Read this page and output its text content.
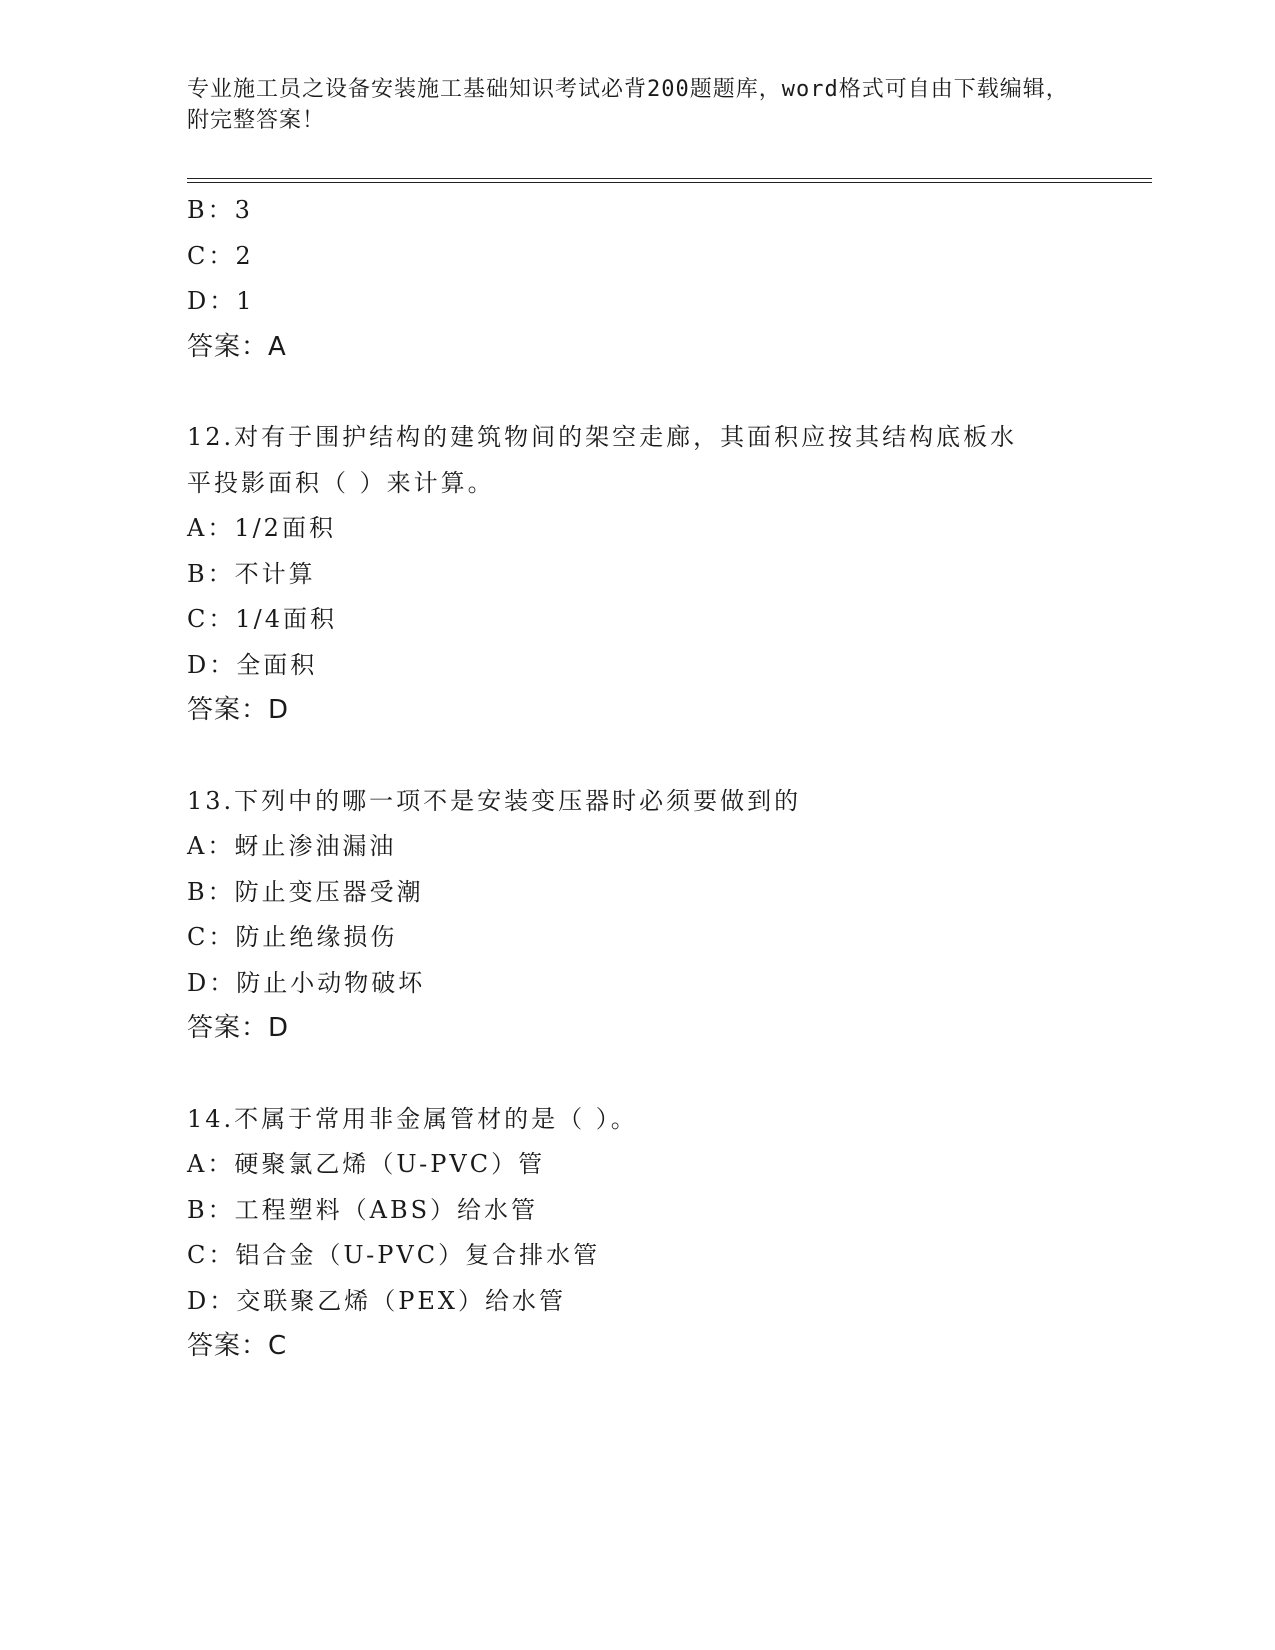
专业施工员之设备安装施工基础知识考试必背200题题库，word格式可自由下载编辑，附完整答案！
B：3
C：2
D：1
答案：A
12.对有于围护结构的建筑物间的架空走廊，其面积应按其结构底板水
平投影面积（ ）来计算。
A：1/2面积
B：不计算
C：1/4面积
D：全面积
答案：D
13.下列中的哪一项不是安装变压器时必须要做到的
A：蚜止渗油漏油
B：防止变压器受潮
C：防止绝缘损伤
D：防止小动物破坏
答案：D
14.不属于常用非金属管材的是（ ）。
A：硬聚氯乙烯（U-PVC）管
B：工程塑料（ABS）给水管
C：铝合金（U-PVC）复合排水管
D：交联聚乙烯（PEX）给水管
答案：C
